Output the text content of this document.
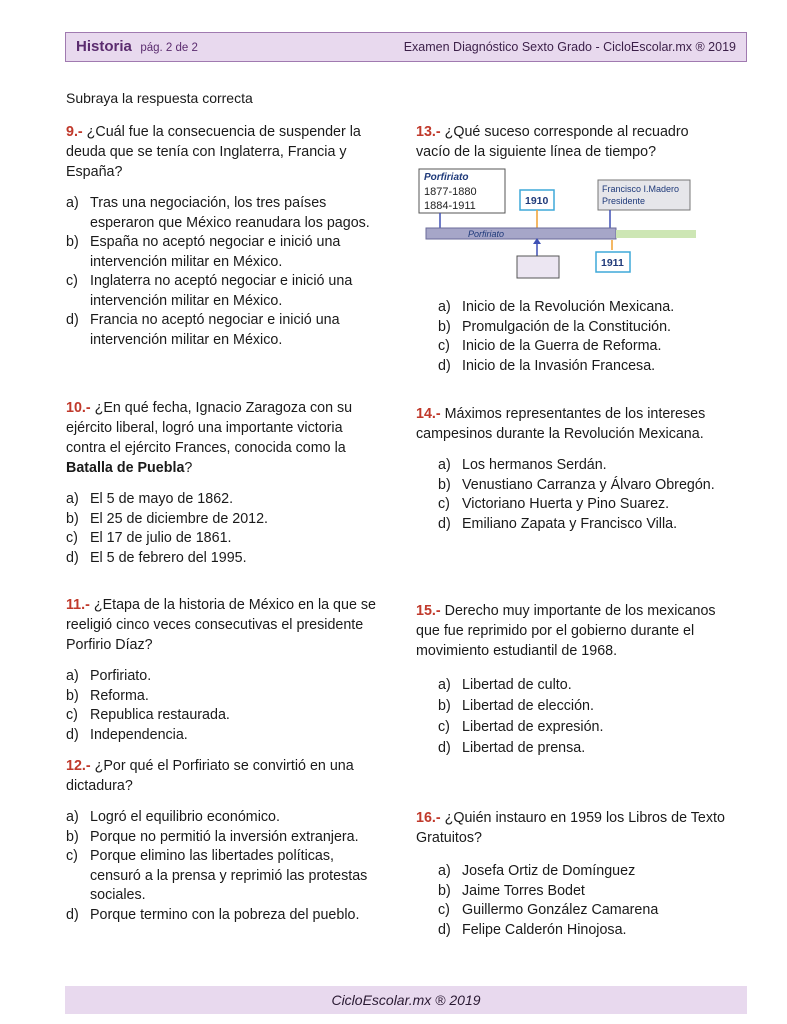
Historia pág. 2 de 2	Examen Diagnóstico Sexto Grado - CicloEscolar.mx ® 2019
Subraya la respuesta correcta
9.- ¿Cuál fue la consecuencia de suspender la deuda que se tenía con Inglaterra, Francia y España?
a) Tras una negociación, los tres países esperaron que México reanudara los pagos.
b) España no aceptó negociar e inició una intervención militar en México.
c) Inglaterra no aceptó negociar e inició una intervención militar en México.
d) Francia no aceptó negociar e inició una intervención militar en México.
10.- ¿En qué fecha, Ignacio Zaragoza con su ejército liberal, logró una importante victoria contra el ejército Frances, conocida como la Batalla de Puebla?
a) El 5 de mayo de 1862.
b) El 25 de diciembre de 2012.
c) El 17 de julio de 1861.
d) El 5 de febrero del 1995.
11.- ¿Etapa de la historia de México en la que se reeligió cinco veces consecutivas el presidente Porfirio Díaz?
a) Porfiriato.
b) Reforma.
c) Republica restaurada.
d) Independencia.
12.- ¿Por qué el Porfiriato se convirtió en una dictadura?
a) Logró el equilibrio económico.
b) Porque no permitió la inversión extranjera.
c) Porque elimino las libertades políticas, censuró a la prensa y reprimió las protestas sociales.
d) Porque termino con la pobreza del pueblo.
13.- ¿Qué suceso corresponde al recuadro vacío de la siguiente línea de tiempo?
Porfiriato
1877-1880
1884-1911	1910
Francisco I.Madero
Presidente
Porfiriato
1911
a) Inicio de la Revolución Mexicana.
b) Promulgación de la Constitución.
c) Inicio de la Guerra de Reforma.
d) Inicio de la Invasión Francesa.
14.- Máximos representantes de los intereses campesinos durante la Revolución Mexicana.
a) Los hermanos Serdán.
b) Venustiano Carranza y Álvaro Obregón.
c) Victoriano Huerta y Pino Suarez.
d) Emiliano Zapata y Francisco Villa.
15.- Derecho muy importante de los mexicanos que fue reprimido por el gobierno durante el movimiento estudiantil de 1968.
a) Libertad de culto.
b) Libertad de elección.
c) Libertad de expresión.
d) Libertad de prensa.
16.- ¿Quién instauro en 1959 los Libros de Texto Gratuitos?
a) Josefa Ortiz de Domínguez
b) Jaime Torres Bodet
c) Guillermo González Camarena
d) Felipe Calderón Hinojosa.
CicloEscolar.mx ® 2019
